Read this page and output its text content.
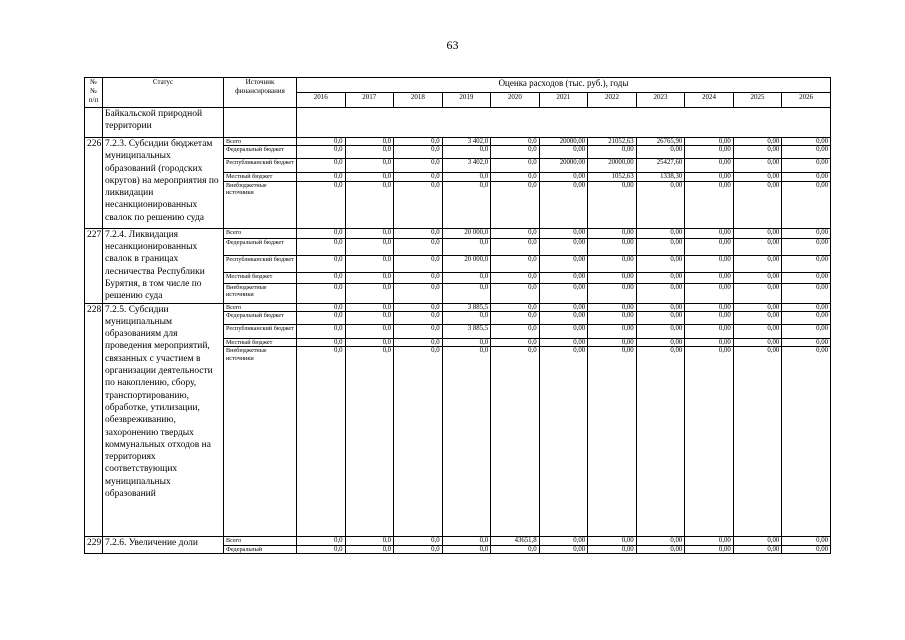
63
№ № п/п	Статус	Источник финансирования	Оценка расходов (тыс. руб.), годы										
			2016	2017	2018	2019	2020	2021	2022	2023	2024	2025	2026
	Байкальской природной территории												
226	7.2.3. Субсидии бюджетам муниципальных образований (городских округов) на мероприятия по ликвидации несанкционированных свалок по решению суда	Всего	0,0	0,0	0,0	3 402,0	0,0	20000,00	21052,63	26765,90	0,00	0,00	0,00
		Федеральный бюджет	0,0	0,0	0,0	0,0	0,0	0,00	0,00	0,00	0,00	0,00	0,00
		Республиканский бюджет	0,0	0,0	0,0	3 402,0	0,0	20000,00	20000,00	25427,60	0,00	0,00	0,00
		Местный бюджет	0,0	0,0	0,0	0,0	0,0	0,00	1052,63	1338,30	0,00	0,00	0,00
		Внебюджетные источники	0,0	0,0	0,0	0,0	0,0	0,00	0,00	0,00	0,00	0,00	0,00
227	7.2.4. Ликвидация несанкционированных свалок в границах лесничества Республики Бурятия, в том числе по решению суда	Всего	0,0	0,0	0,0	20 000,0	0,0	0,00	0,00	0,00	0,00	0,00	0,00
		Федеральный бюджет	0,0	0,0	0,0	0,0	0,0	0,00	0,00	0,00	0,00	0,00	0,00
		Республиканский бюджет	0,0	0,0	0,0	20 000,0	0,0	0,00	0,00	0,00	0,00	0,00	0,00
		Местный бюджет	0,0	0,0	0,0	0,0	0,0	0,00	0,00	0,00	0,00	0,00	0,00
		Внебюджетные источники	0,0	0,0	0,0	0,0	0,0	0,00	0,00	0,00	0,00	0,00	0,00
228	7.2.5. Субсидии муниципальным образованиям для проведения мероприятий, связанных с участием в организации деятельности по накоплению, сбору, транспортированию, обработке, утилизации, обезвреживанию, захоронению твердых коммунальных отходов на территориях соответствующих муниципальных образований	Всего	0,0	0,0	0,0	3 885,5	0,0	0,00	0,00	0,00	0,00	0,00	0,00
		Федеральный бюджет	0,0	0,0	0,0	0,0	0,0	0,00	0,00	0,00	0,00	0,00	0,00
		Республиканский бюджет	0,0	0,0	0,0	3 885,5	0,0	0,00	0,00	0,00	0,00	0,00	0,00
		Местный бюджет	0,0	0,0	0,0	0,0	0,0	0,00	0,00	0,00	0,00	0,00	0,00
		Внебюджетные источники	0,0	0,0	0,0	0,0	0,0	0,00	0,00	0,00	0,00	0,00	0,00
229	7.2.6. Увеличение доли	Всего	0,0	0,0	0,0	0,0	43651,8	0,00	0,00	0,00	0,00	0,00	0,00
		Федеральный	0,0	0,0	0,0	0,0	0,0	0,00	0,00	0,00	0,00	0,00	0,00
